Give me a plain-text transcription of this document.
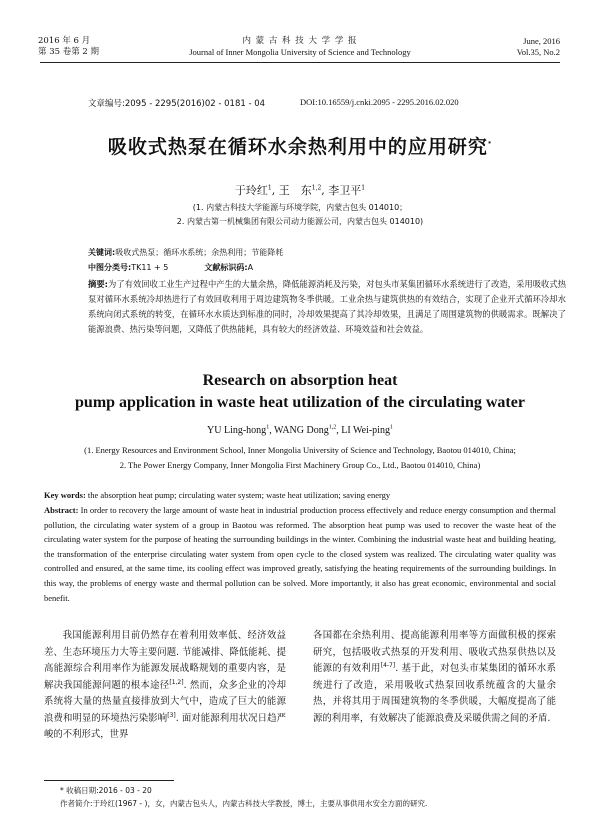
2016 年 6 月
第 35 卷第 2 期
内 蒙 古 科 技 大 学 学 报
Journal of Inner Mongolia University of Science and Technology
June, 2016
Vol.35, No.2
文章编号:2095 - 2295(2016)02 - 0181 - 04	DOI:10.16559/j.cnki.2095 - 2295.2016.02.020
吸收式热泵在循环水余热利用中的应用研究*
于玲红$^1$, 王　东$^{1,2}$, 李卫平$^1$
(1. 内蒙古科技大学能源与环境学院，内蒙古包头 014010；
2. 内蒙古第一机械集团有限公司动力能源公司，内蒙古包头 014010)
关键词:吸收式热泵；循环水系统；余热利用；节能降耗
中图分类号:TK11 + 5	文献标识码:A
摘要:为了有效回收工业生产过程中产生的大量余热，降低能源消耗及污染，对包头市某集团循环水系统进行了改造，采用吸收式热泵对循环水系统冷却热进行了有效回收利用于周边建筑物冬季供暖。工业余热与建筑供热的有效结合，实现了企业开式循环冷却水系统向闭式系统的转变，在循环水水质达到标准的同时，冷却效果提高了其冷却效果，且满足了周围建筑物的供暖需求。既解决了能源浪费、热污染等问题，又降低了供热能耗，具有较大的经济效益、环境效益和社会效益。
Research on absorption heat
pump application in waste heat utilization of the circulating water
YU Ling-hong$^1$, WANG Dong$^{1,2}$, LI Wei-ping$^1$
(1. Energy Resources and Environment School, Inner Mongolia University of Science and Technology, Baotou 014010, China;
2. The Power Energy Company, Inner Mongolia First Machinery Group Co., Ltd., Baotou 014010, China)
Key words: the absorption heat pump; circulating water system; waste heat utilization; saving energy
Abstract: In order to recovery the large amount of waste heat in industrial production process effectively and reduce energy consumption and thermal pollution, the circulating water system of a group in Baotou was reformed. The absorption heat pump was used to recover the waste heat of the circulating water system for the purpose of heating the surrounding buildings in the winter. Combining the industrial waste heat and building heating, the transformation of the enterprise circulating water system from open cycle to the closed system was realized. The circulating water quality was controlled and ensured, at the same time, its cooling effect was improved greatly, satisfying the heating requirements of the surrounding buildings. In this way, the problems of energy waste and thermal pollution can be solved. More importantly, it also has great economic, environmental and social benefit.
我国能源利用目前仍然存在着利用效率低、经济效益差、生态环境压力大等主要问题. 节能减排、降低能耗、提高能源综合利用率作为能源发展战略规划的重要内容，是解决我国能源问题的根本途径[1,2]. 然而，众多企业的冷却系统将大量的热量直接排放到大气中，造成了巨大的能源浪费和明显的环境热污染影响[3]. 面对能源利用状况日趋严峻的不利形式，世界
各国都在余热利用、提高能源利用率等方面做积极的探索研究，包括吸收式热泵的开发利用、吸收式热泵供热以及能源的有效利用[4-7]. 基于此，对包头市某集团的循环水系统进行了改造，采用吸收式热泵回收系统蕴含的大量余热，并将其用于周围建筑物的冬季供暖，大幅度提高了能源的利用率，有效解决了能源浪费及采暖供需之间的矛盾.
* 收稿日期:2016 - 03 - 20
作者简介:于玲红(1967 - )，女，内蒙古包头人，内蒙古科技大学教授，博士，主要从事供用水安全方面的研究.
